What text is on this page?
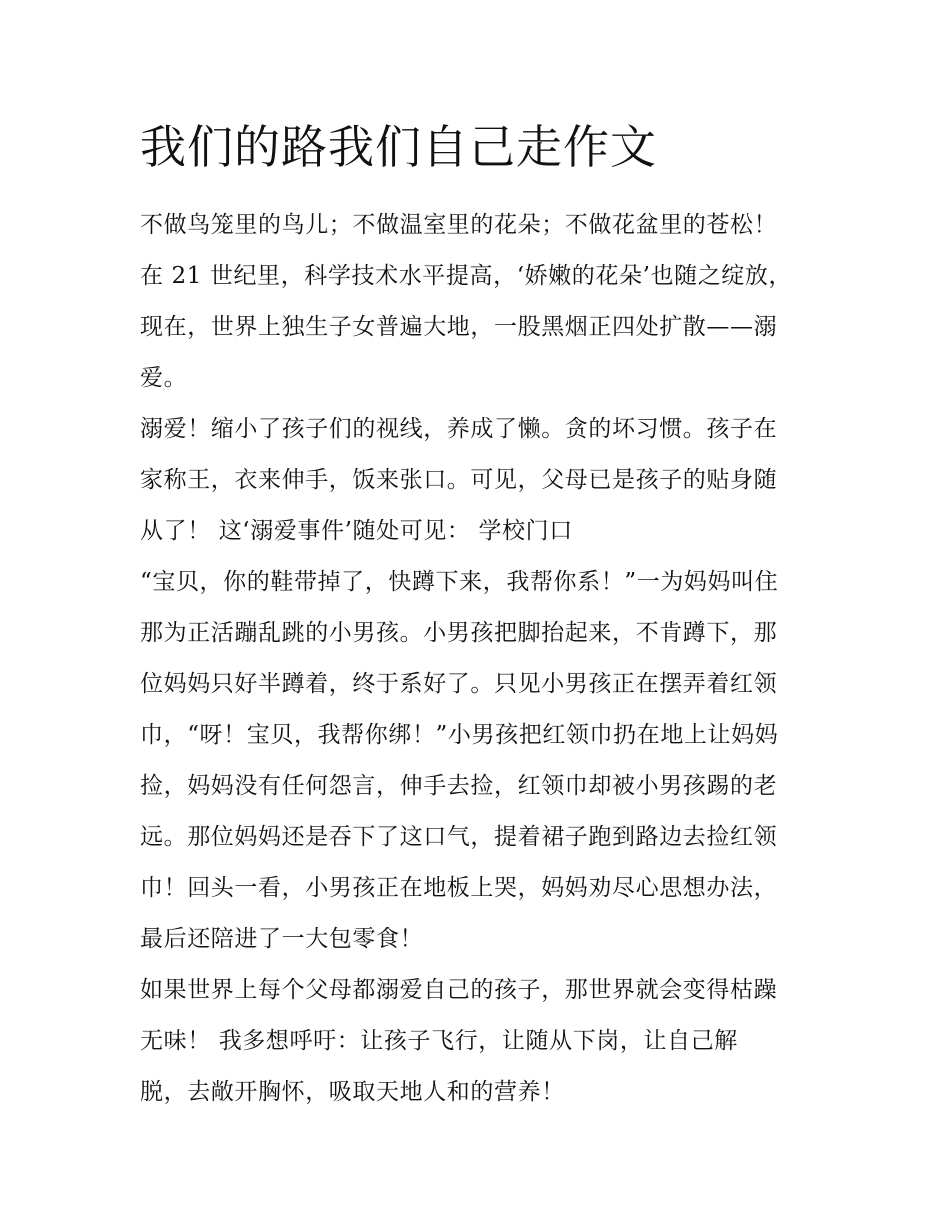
我们的路我们自己走作文
不做鸟笼里的鸟儿；不做温室里的花朵；不做花盆里的苍松！
在 21 世纪里，科学技术水平提高，‘娇嫩的花朵’也随之绽放，
现在，世界上独生子女普遍大地，一股黑烟正四处扩散——溺
爱。
溺爱！缩小了孩子们的视线，养成了懒。贪的坏习惯。孩子在
家称王，衣来伸手，饭来张口。可见，父母已是孩子的贴身随
从了！ 这‘溺爱事件’随处可见： 学校门口
“宝贝，你的鞋带掉了，快蹲下来，我帮你系！”一为妈妈叫住
那为正活蹦乱跳的小男孩。小男孩把脚抬起来，不肯蹲下，那
位妈妈只好半蹲着，终于系好了。只见小男孩正在摆弄着红领
巾，“呀！宝贝，我帮你绑！”小男孩把红领巾扔在地上让妈妈
捡，妈妈没有任何怨言，伸手去捡，红领巾却被小男孩踢的老
远。那位妈妈还是吞下了这口气，提着裙子跑到路边去捡红领
巾！回头一看，小男孩正在地板上哭，妈妈劝尽心思想办法，
最后还陪进了一大包零食！
如果世界上每个父母都溺爱自己的孩子，那世界就会变得枯躁
无味！ 我多想呼吁：让孩子飞行，让随从下岗，让自己解
脱，去敞开胸怀，吸取天地人和的营养！
